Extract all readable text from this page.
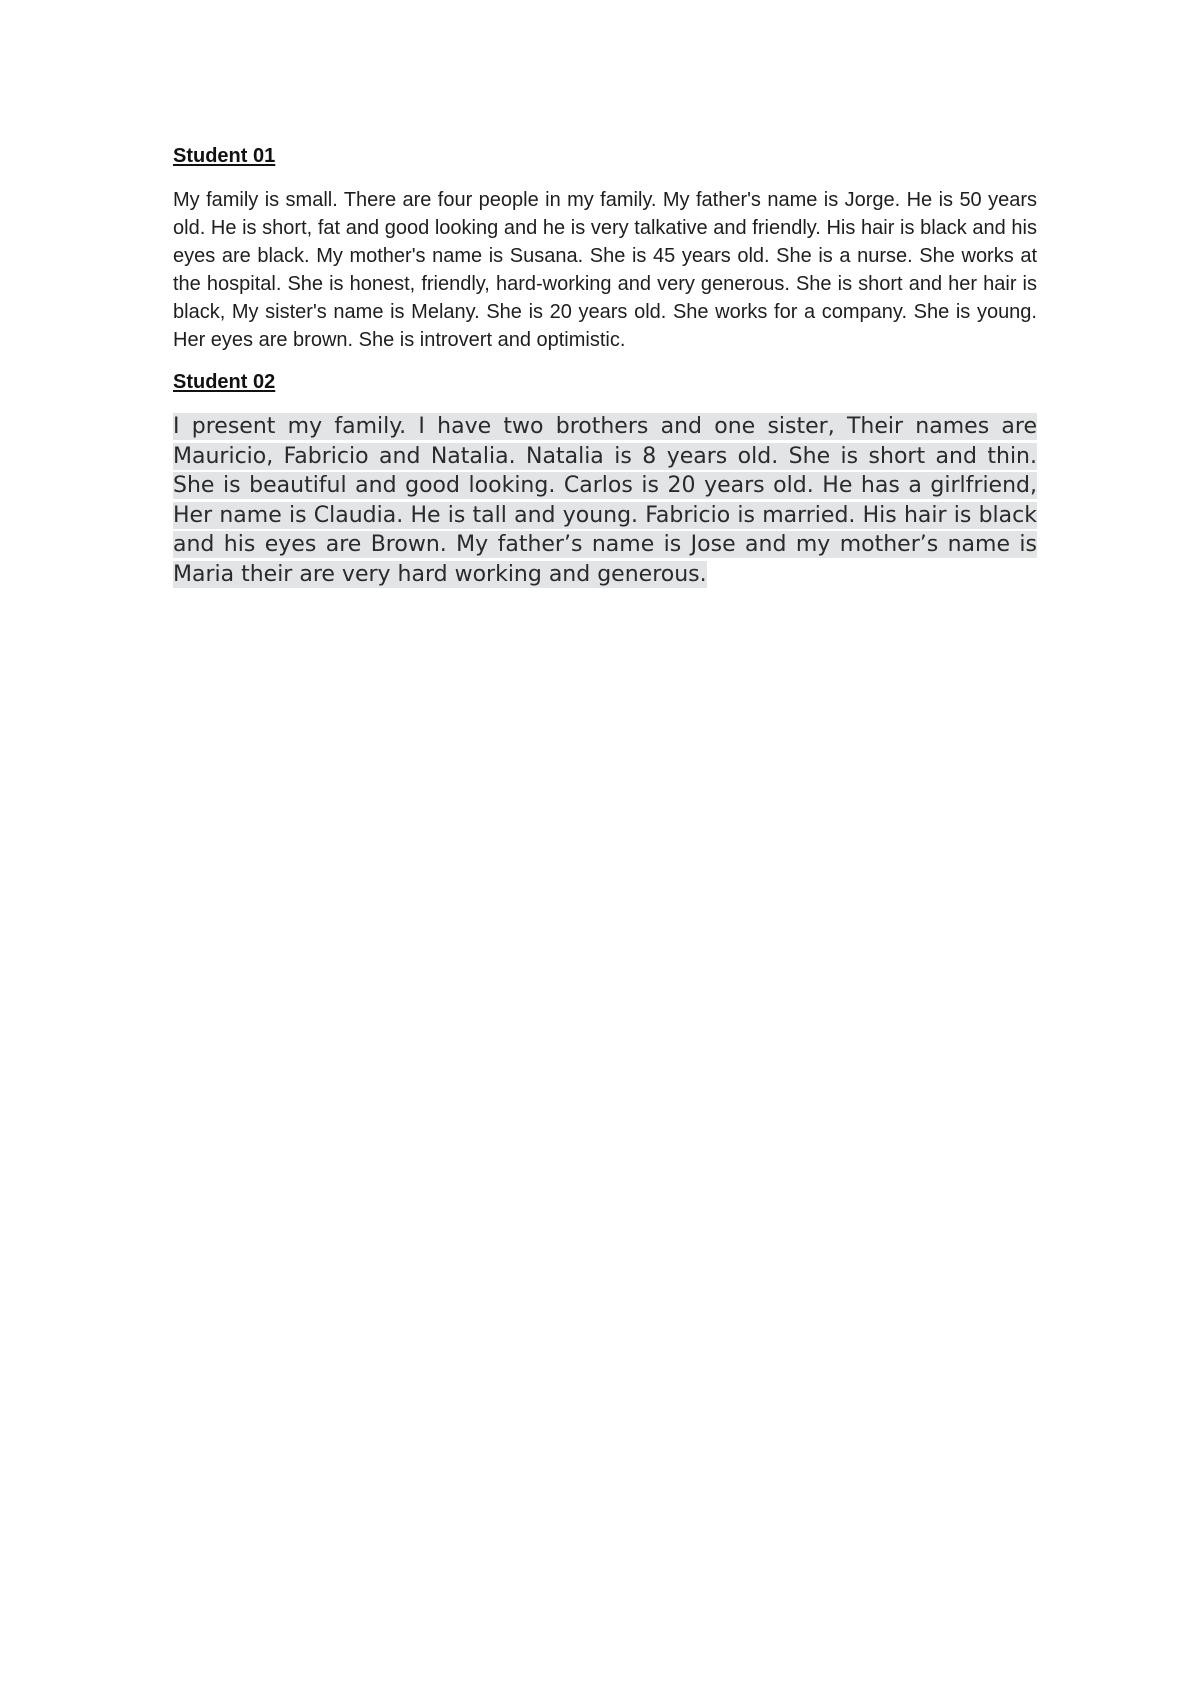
Student 01

My family is small. There are four people in my family. My father's name is Jorge. He is 50 years old. He is short, fat and good looking and he is very talkative and friendly. His hair is black and his eyes are black. My mother's name is Susana. She is 45 years old. She is a nurse. She works at the hospital. She is honest, friendly, hard-working and very generous. She is short and her hair is black, My sister's name is Melany. She is 20 years old. She works for a company. She is young. Her eyes are brown. She is introvert and optimistic.

Student 02

I present my family. I have two brothers and one sister, Their names are Mauricio, Fabricio and Natalia. Natalia is 8 years old. She is short and thin. She is beautiful and good looking. Carlos is 20 years old. He has a girlfriend, Her name is Claudia. He is tall and young. Fabricio is married. His hair is black and his eyes are Brown. My father’s name is Jose and my mother’s name is Maria their are very hard working and generous.
